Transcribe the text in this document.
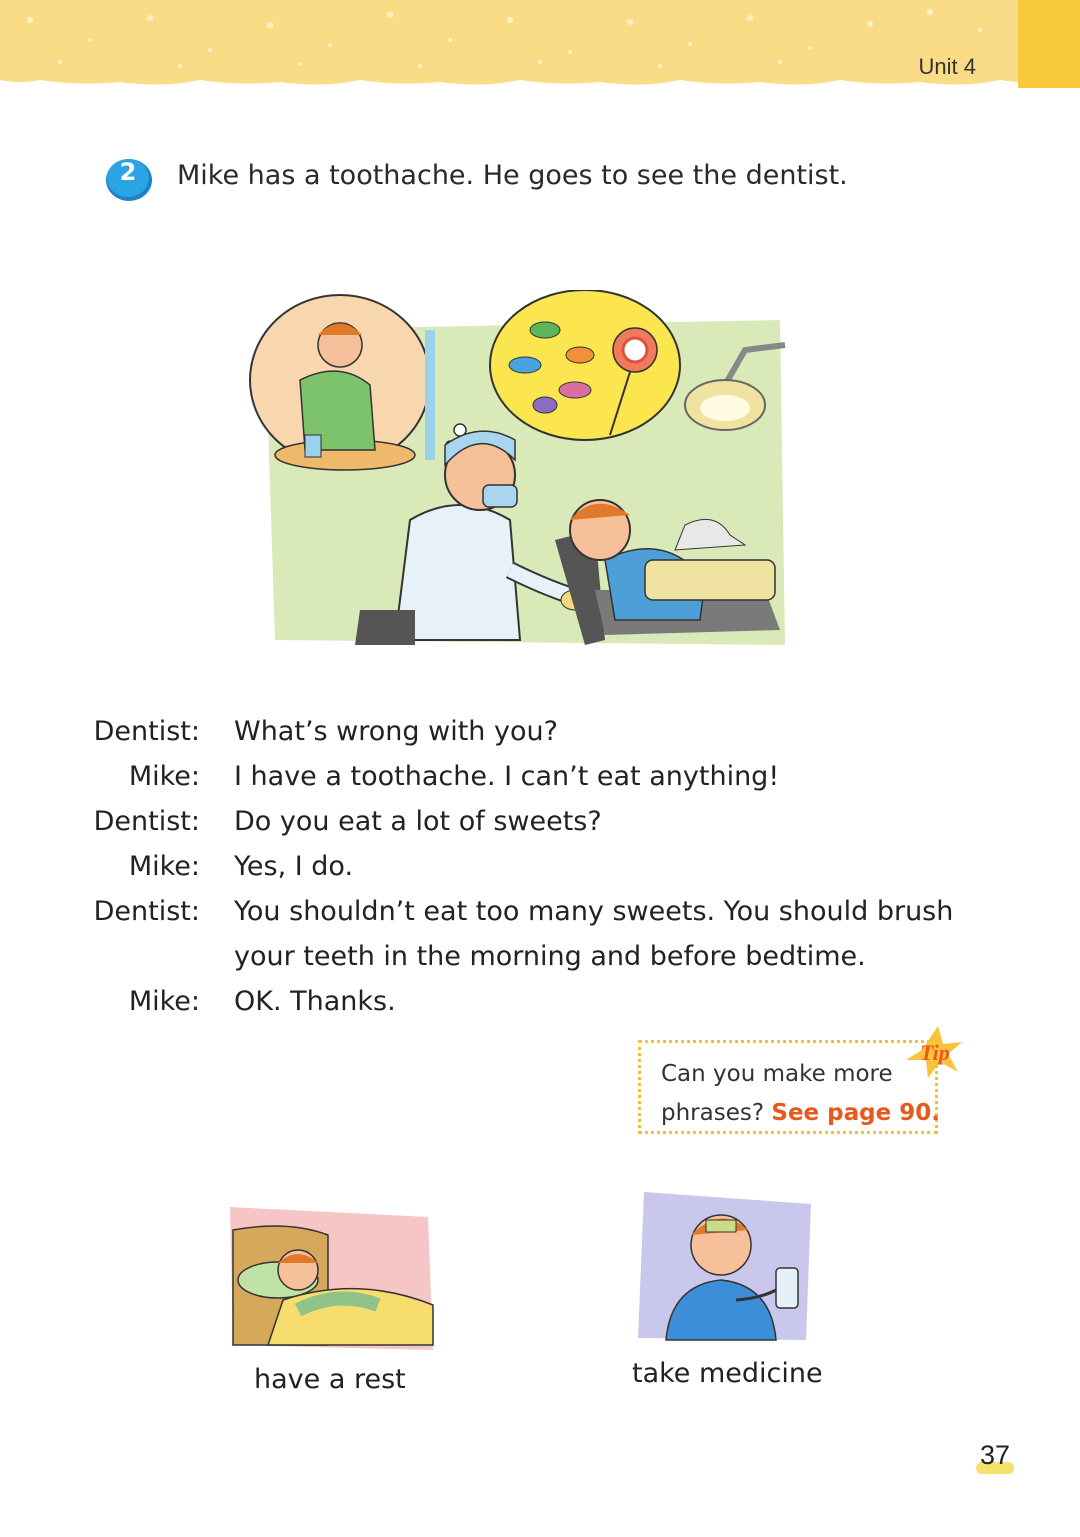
Unit 4
2	Mike has a toothache. He goes to see the dentist.
Dentist: What’s wrong with you?
Mike: I have a toothache. I can’t eat anything!
Dentist: Do you eat a lot of sweets?
Mike: Yes, I do.
Dentist: You shouldn’t eat too many sweets. You should brush
your teeth in the morning and before bedtime.
Mike: OK. Thanks.
Can you make more
phrases? See page 90.
Tip
have a rest	take medicine
37
